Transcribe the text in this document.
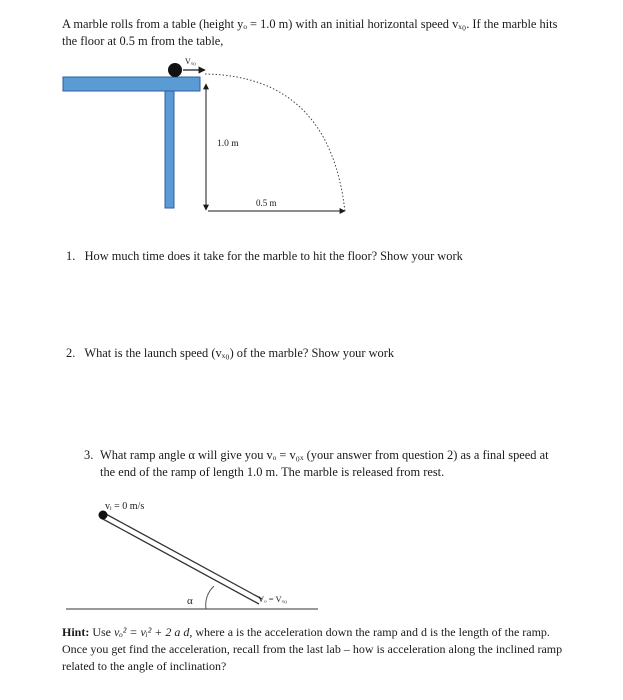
A marble rolls from a table (height yₒ = 1.0 m) with an initial horizontal speed vₓ₀. If the marble hits the floor at 0.5 m from the table,
Vₓ₀
1.0 m
0.5 m
1. How much time does it take for the marble to hit the floor? Show your work
2. What is the launch speed (vₓ₀) of the marble? Show your work
3. What ramp angle α will give you vₒ = v₀ₓ (your answer from question 2) as a final speed at the end of the ramp of length 1.0 m. The marble is released from rest.
vᵢ = 0 m/s
α	Vₒ = Vₓ₀
Hint: Use vₒ² = vᵢ² + 2 a d, where a is the acceleration down the ramp and d is the length of the ramp. Once you get find the acceleration, recall from the last lab – how is acceleration along the inclined ramp related to the angle of inclination?
